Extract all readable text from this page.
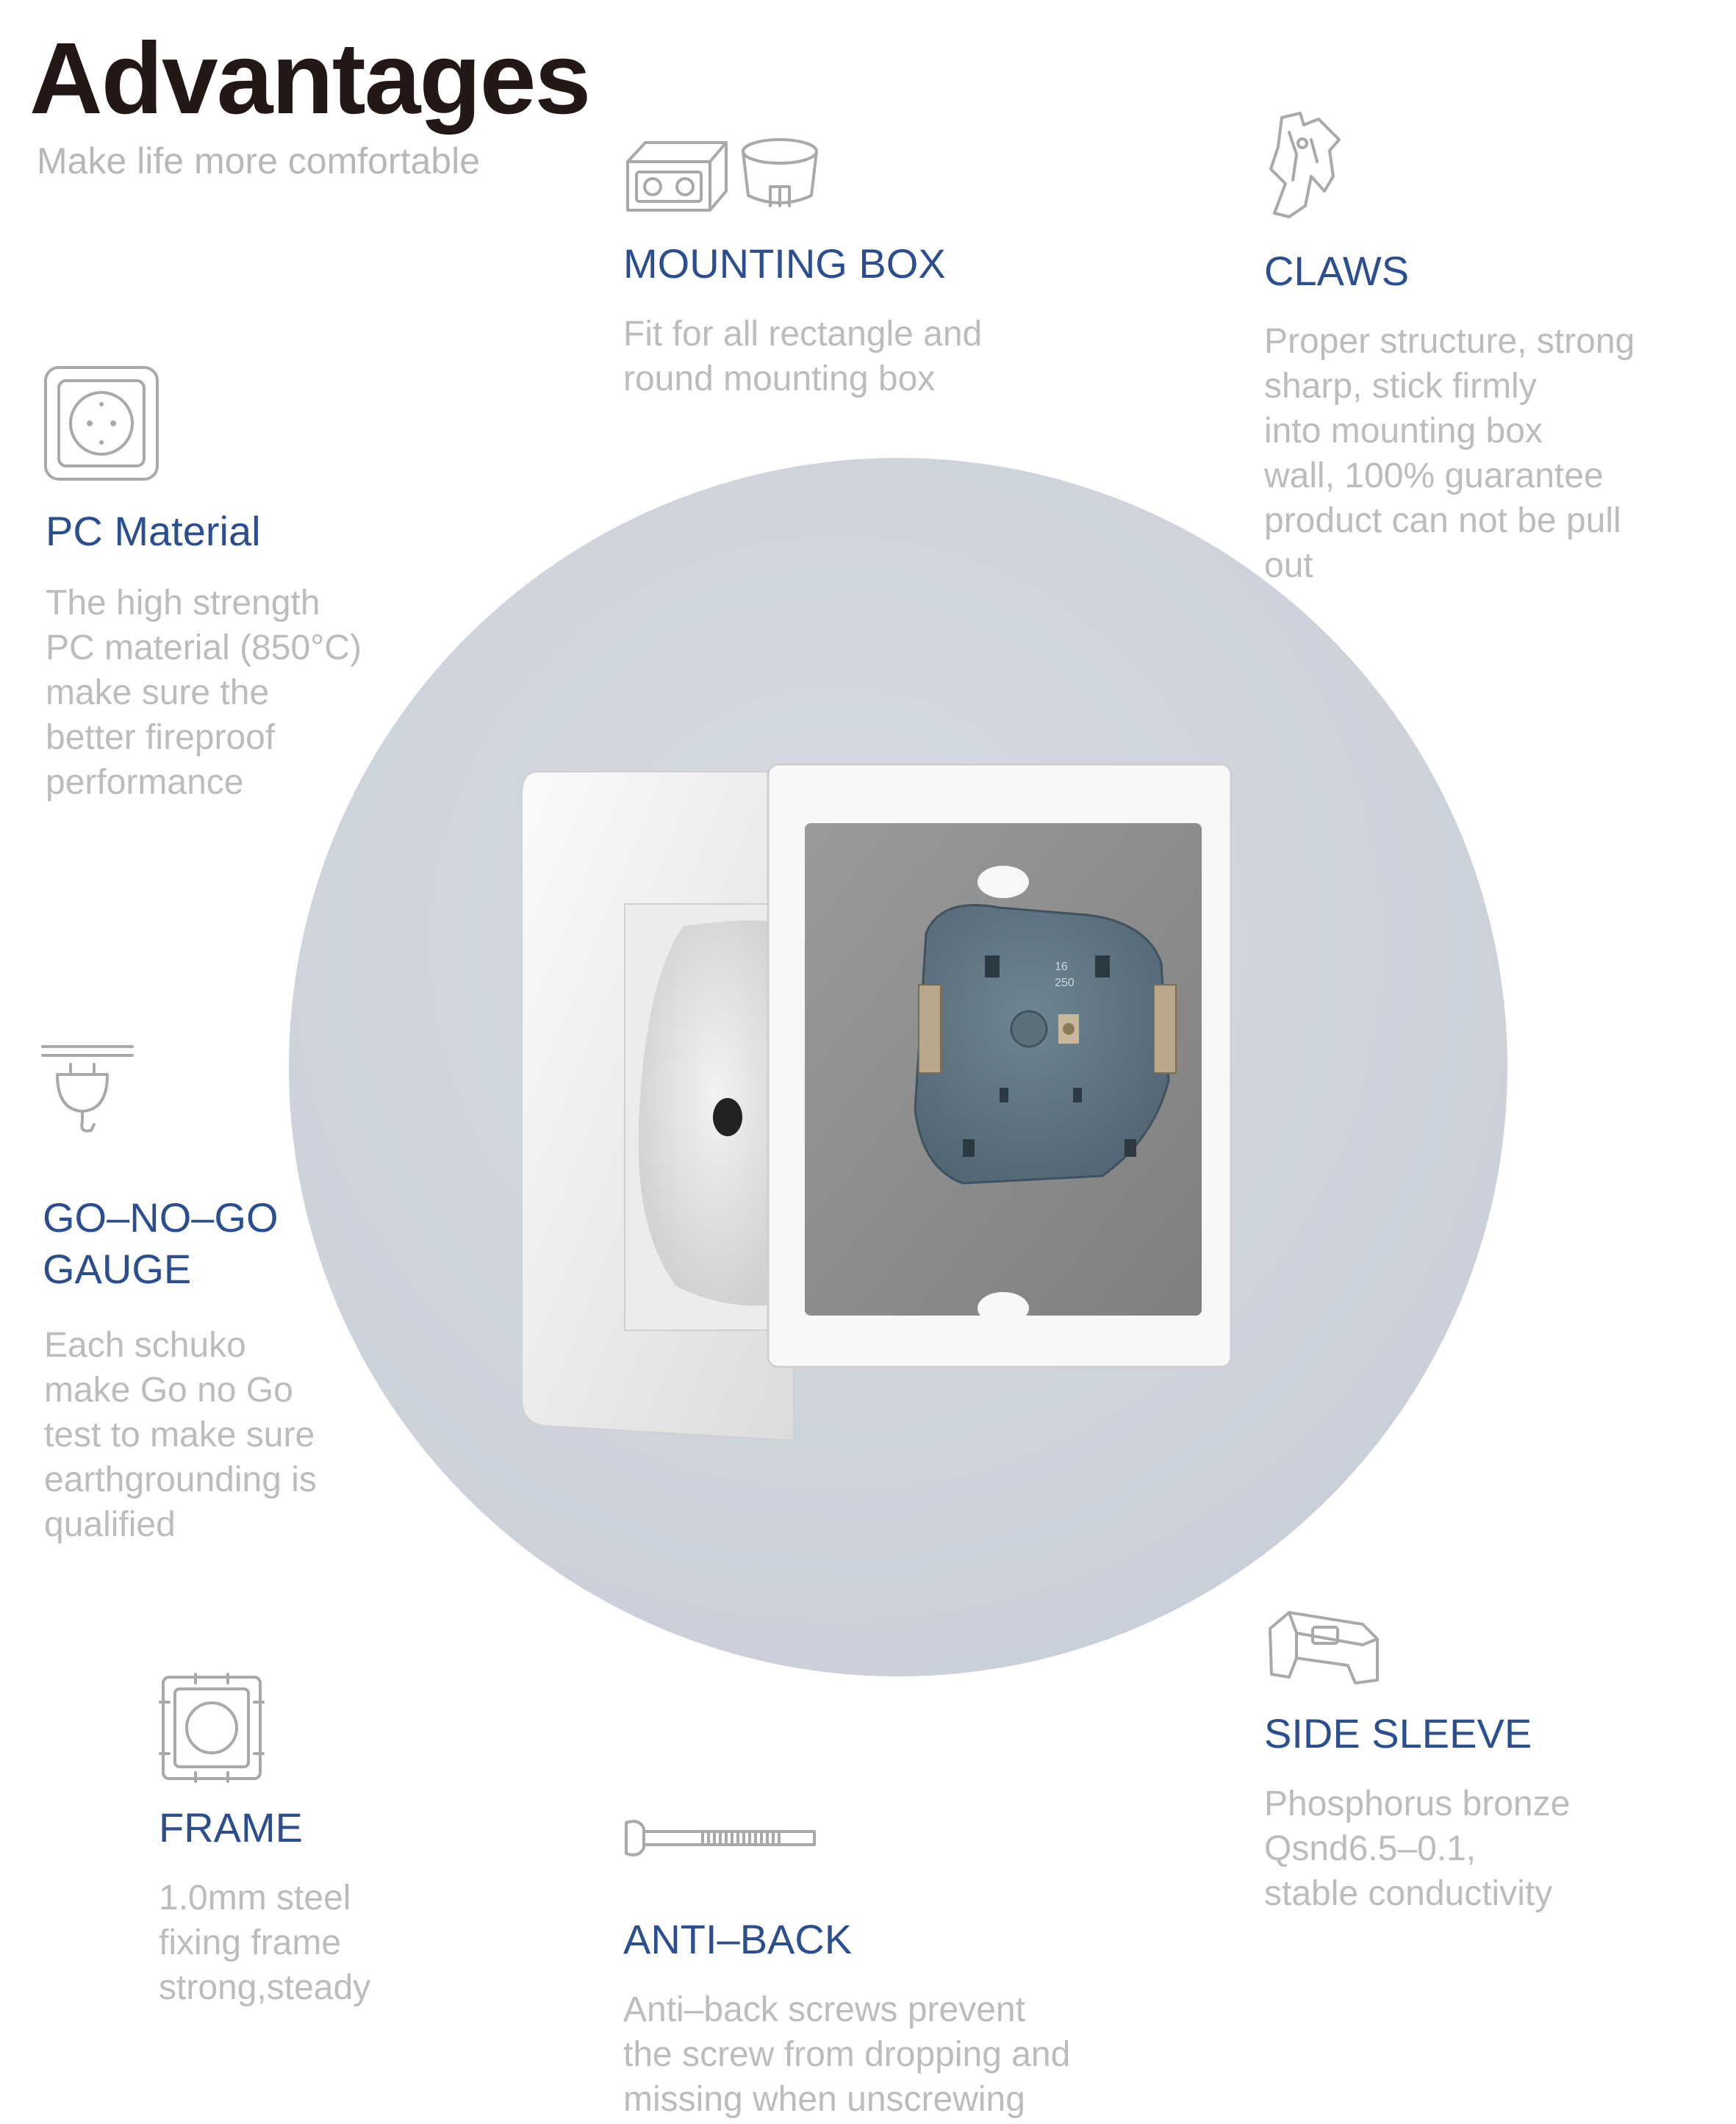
Advantages
Make life more comfortable
16
250
MOUNTING BOX
Fit for all rectangle and
round mounting box
CLAWS
Proper structure, strong
sharp, stick firmly
into mounting box
wall, 100% guarantee
product can not be pull
out
PC Material
The high strength
PC material (850°C)
make sure the
better fireproof
performance
GO–NO–GO
GAUGE
Each schuko
make Go no Go
test to make sure
earthgrounding is
qualified
FRAME
1.0mm steel
fixing frame
strong,steady
ANTI–BACK
Anti–back screws prevent
the screw from dropping and
missing when unscrewing
SIDE SLEEVE
Phosphorus bronze
Qsnd6.5–0.1,
stable conductivity
